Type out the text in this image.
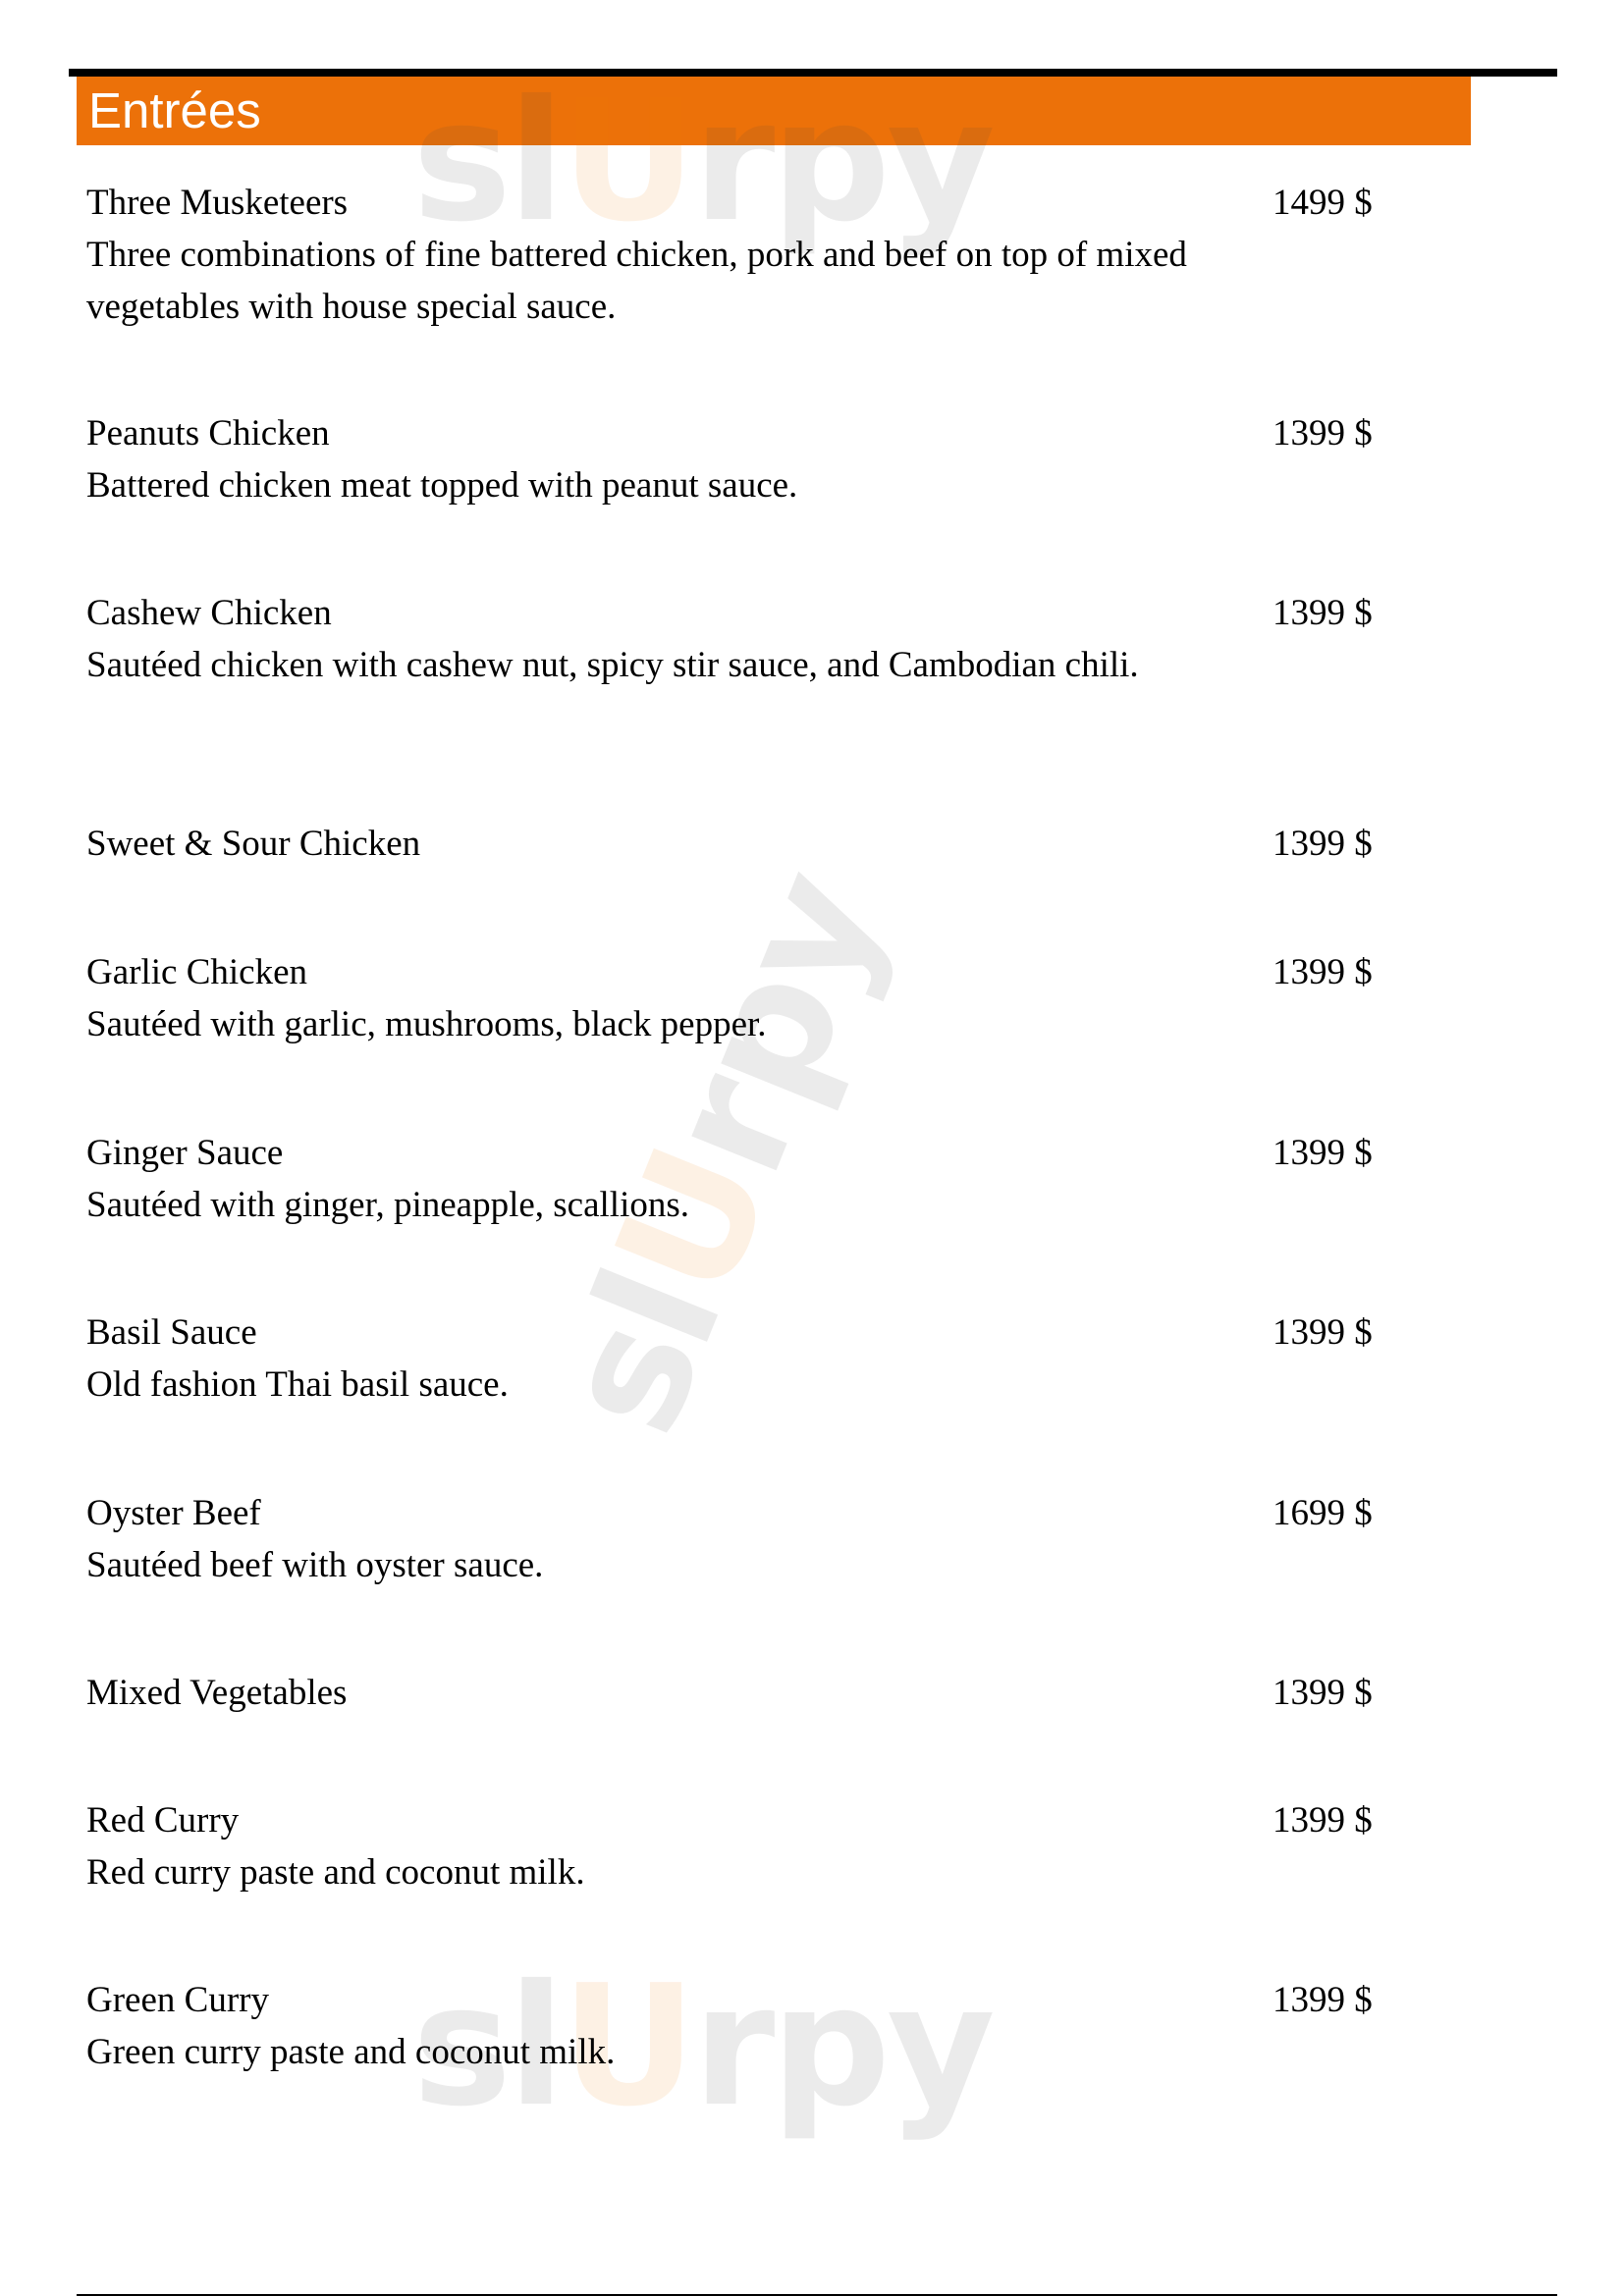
Entrées slUrpy
slUrpy
slUrpy
Three Musketeers
Three combinations of fine battered chicken, pork and beef on top of mixed vegetables with house special sauce.
1499 $
Peanuts Chicken
Battered chicken meat topped with peanut sauce.
1399 $
Cashew Chicken
Sautéed chicken with cashew nut, spicy stir sauce, and Cambodian chili.
1399 $
Sweet & Sour Chicken	1399 $
Garlic Chicken
Sautéed with garlic, mushrooms, black pepper.
1399 $
Ginger Sauce
Sautéed with ginger, pineapple, scallions.
1399 $
Basil Sauce
Old fashion Thai basil sauce.
1399 $
Oyster Beef
Sautéed beef with oyster sauce.
1699 $
Mixed Vegetables	1399 $
Red Curry
Red curry paste and coconut milk.
1399 $
Green Curry
Green curry paste and coconut milk.
1399 $
